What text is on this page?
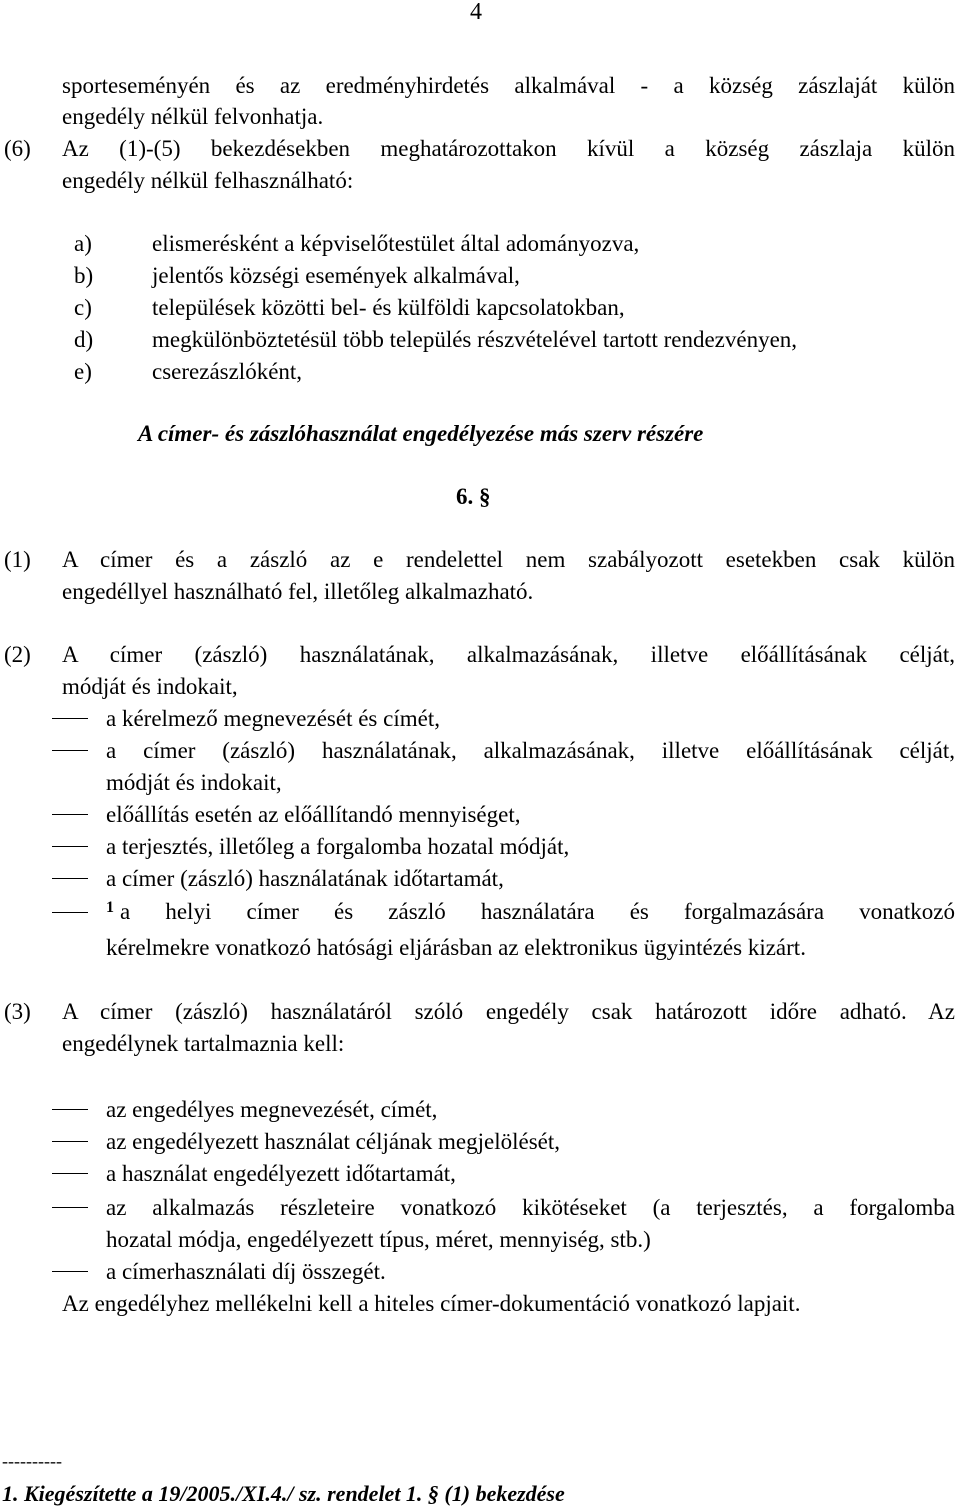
4
sporteseményén és az eredményhirdetés alkalmával - a község zászlaját külön
engedély nélkül felvonhatja.
(6) Az (1)-(5) bekezdésekben meghatározottakon kívül a község zászlaja külön
engedély nélkül felhasználható:
a)	elismerésként a képviselőtestület által adományozva,
b)	jelentős községi események alkalmával,
c)	települések közötti bel- és külföldi kapcsolatokban,
d)	megkülönböztetésül több település részvételével tartott rendezvényen,
e)	cserezászlóként,
A címer- és zászlóhasználat engedélyezése más szerv részére
6. §
(1) A címer és a zászló az e rendelettel nem szabályozott esetekben csak külön
engedéllyel használható fel, illetőleg alkalmazható.
(2) A címer (zászló) használatának, alkalmazásának, illetve előállításának célját,
módját és indokait,
a kérelmező megnevezését és címét,
a címer (zászló) használatának, alkalmazásának, illetve előállításának célját,
módját és indokait,
előállítás esetén az előállítandó mennyiséget,
a terjesztés, illetőleg a forgalomba hozatal módját,
a címer (zászló) használatának időtartamát,
1 a helyi címer és zászló használatára és forgalmazására vonatkozó
kérelmekre vonatkozó hatósági eljárásban az elektronikus ügyintézés kizárt.
(3) A címer (zászló) használatáról szóló engedély csak határozott időre adható. Az
engedélynek tartalmaznia kell:
az engedélyes megnevezését, címét,
az engedélyezett használat céljának megjelölését,
a használat engedélyezett időtartamát,
az alkalmazás részleteire vonatkozó kikötéseket (a terjesztés, a forgalomba
hozatal módja, engedélyezett típus, méret, mennyiség, stb.)
a címerhasználati díj összegét.
Az engedélyhez mellékelni kell a hiteles címer-dokumentáció vonatkozó lapjait.
----------
1. Kiegészítette a 19/2005./XI.4./ sz. rendelet 1. § (1) bekezdése
